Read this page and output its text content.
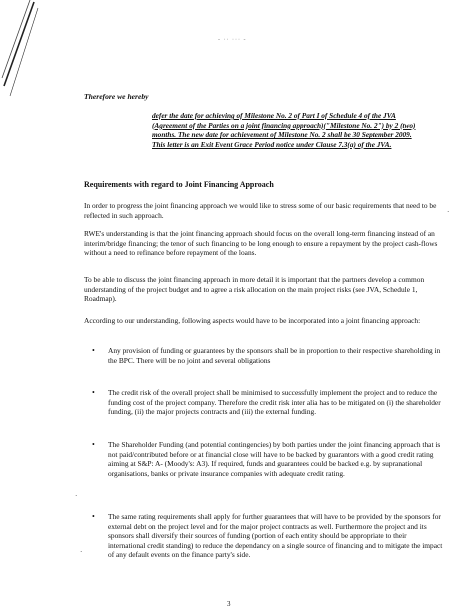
- ·· ··· -
Therefore we hereby
defer the date for achieving of Milestone No. 2 of Part I of Schedule 4 of the JVA (Agreement of the Parties on a joint financing approach)("Milestone No. 2") by 2 (two) months. The new date for achievement of Milestone No. 2 shall be 30 September 2009. This letter is an Exit Event Grace Period notice under Clause 7.3(a) of the JVA.
Requirements with regard to Joint Financing Approach
In order to progress the joint financing approach we would like to stress some of our basic requirements that need to be reflected in such approach.
RWE's understanding is that the joint financing approach should focus on the overall long-term financing instead of an interim/bridge financing; the tenor of such financing to be long enough to ensure a repayment by the project cash-flows without a need to refinance before repayment of the loans.
To be able to discuss the joint financing approach in more detail it is important that the partners develop a common understanding of the project budget and to agree a risk allocation on the main project risks (see JVA, Schedule 1, Roadmap).
According to our understanding, following aspects would have to be incorporated into a joint financing approach:
• Any provision of funding or guarantees by the sponsors shall be in proportion to their respective shareholding in the BPC. There will be no joint and several obligations
• The credit risk of the overall project shall be minimised to successfully implement the project and to reduce the funding cost of the project company. Therefore the credit risk inter alia has to be mitigated on (i) the shareholder funding, (ii) the major projects contracts and (iii) the external funding.
• The Shareholder Funding (and potential contingencies) by both parties under the joint financing approach that is not paid/contributed before or at financial close will have to be backed by guarantors with a good credit rating aiming at S&P: A- (Moody's: A3). If required, funds and guarantees could be backed e.g. by supranational organisations, banks or private insurance companies with adequate credit rating.
• The same rating requirements shall apply for further guarantees that will have to be provided by the sponsors for external debt on the project level and for the major project contracts as well. Furthermore the project and its sponsors shall diversify their sources of funding (portion of each entity should be appropriate to their international credit standing) to reduce the dependancy on a single source of financing and to mitigate the impact of any default events on the finance party's side.
·
·
·
3
